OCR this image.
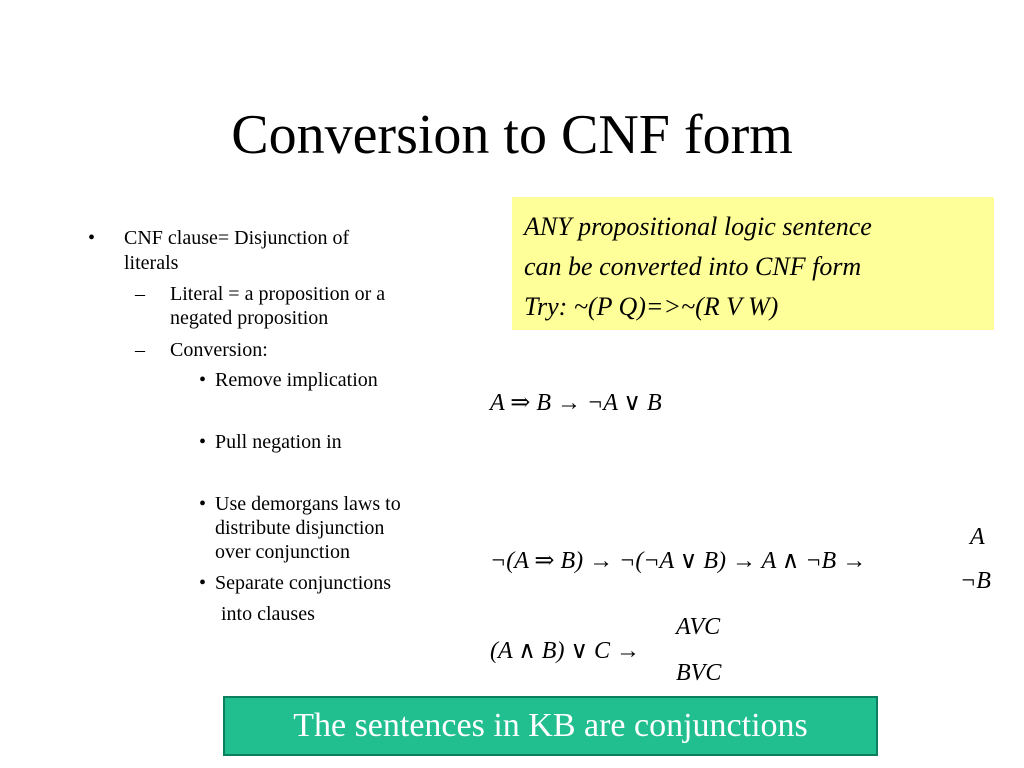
Conversion to CNF form
• CNF clause= Disjunction of
literals
– Literal = a proposition or a
negated proposition
– Conversion:
• Remove implication
• Pull negation in
• Use demorgans laws to
distribute disjunction
over conjunction
• Separate conjunctions
into clauses
ANY propositional logic sentence
can be converted into CNF form
Try: ~(P Q)=>~(R V W)
A ⇒ B → ¬A ∨ B
¬(A ⇒ B) → ¬(¬A ∨ B) → A ∧ ¬B →
A
¬B
(A ∧ B) ∨ C →
AVC
BVC
The sentences in KB are conjunctions
